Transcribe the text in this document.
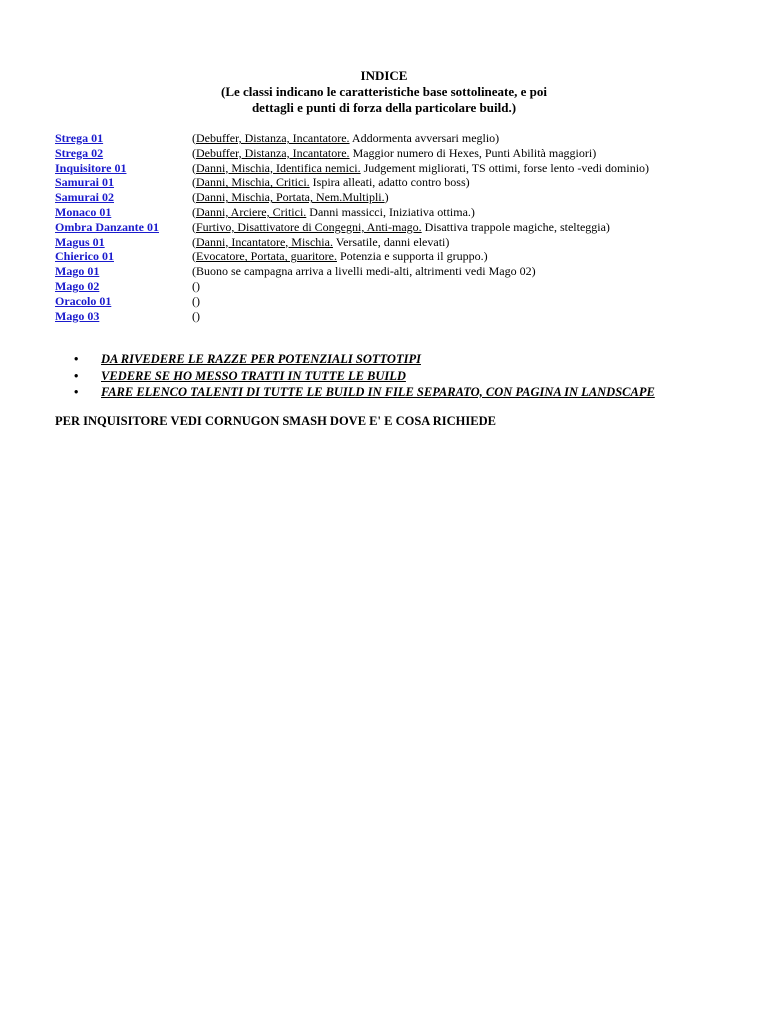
INDICE
(Le classi indicano le caratteristiche base sottolineate, e poi
dettagli e punti di forza della particolare build.)
Strega 01	(Debuffer, Distanza, Incantatore. Addormenta avversari meglio)
Strega 02	(Debuffer, Distanza, Incantatore. Maggior numero di Hexes, Punti Abilità maggiori)
Inquisitore 01	(Danni, Mischia, Identifica nemici. Judgement migliorati, TS ottimi, forse lento -vedi dominio)
Samurai 01	(Danni, Mischia, Critici. Ispira alleati, adatto contro boss)
Samurai 02	(Danni, Mischia, Portata, Nem.Multipli.)
Monaco 01	(Danni, Arciere, Critici. Danni massicci, Iniziativa ottima.)
Ombra Danzante 01	(Furtivo, Disattivatore di Congegni, Anti-mago. Disattiva trappole magiche, stelteggia)
Magus 01	(Danni, Incantatore, Mischia. Versatile, danni elevati)
Chierico 01	(Evocatore, Portata, guaritore. Potenzia e supporta il gruppo.)
Mago 01	(Buono se campagna arriva a livelli medi-alti, altrimenti vedi Mago 02)
Mago 02	()
Oracolo 01	()
Mago 03	()
•	DA RIVEDERE LE RAZZE PER POTENZIALI SOTTOTIPI
•	VEDERE SE HO MESSO TRATTI IN TUTTE LE BUILD
•	FARE ELENCO TALENTI DI TUTTE LE BUILD IN FILE SEPARATO, CON PAGINA IN LANDSCAPE
PER INQUISITORE VEDI CORNUGON SMASH DOVE E' E COSA RICHIEDE
